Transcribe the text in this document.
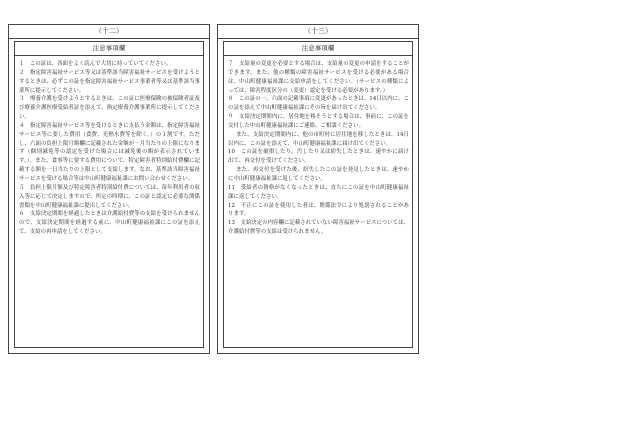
（十二）
注意事項欄

１　この証は、各面をよく読んで大切に持っていてください。

２　指定障害福祉サービス等又は基準該当障害福祉サービスを受けようとするときは、必ずこの証を指定障害福祉サービス事業者等又は基準該当事業所に提示してください。

３　療養介護を受けようとするときは、この証に医療保険の被保険者証及び療養介護医療受給者証を添えて、指定療養介護事業所に提示してください。

４　指定障害福祉サービス等を受けるときに支払う金額は、指定障害福祉サービス等に要した費用（食費、光熱水費等を除く。）の１割です。ただし、六面の負担上限月額欄に記載された金額が一月当たりの上限になります（個別減免等の認定を受けた場合には減免後の額が表示されています。）。また、食事等に要する費用について、特定障害者特別給付費欄に記載する額を一日当たりの上限として支給します。なお、基準該当障害福祉サービスを受ける場合等は中山町健康福祉課にお問い合わせください。

５　負担上限月額及び特定障害者特別給付費については、毎年利用者の収入等に応じて決定しますので、所定の時期に、この証と認定に必要な関係書類を中山町健康福祉課に提出してください。

６　支給決定期間を経過したときは介護給付費等の支給を受けられませんので、支給決定期間を経過する前に、中山町健康福祉課にこの証を添えて、支給の再申請をしてください。

（十三）
注意事項欄

７　支給量の変更を必要とする場合は、支給量の変更の申請をすることができます。また、他の種類の障害福祉サービスを受ける必要がある場合は、中山町健康福祉課に支給申請をしてください。（サービスの種類によっては、障害程度区分の（変更）認定を受ける必要があります。）

８　この証の一、六面の記載事項に変更があったときは、14日以内に、この証を添えて中山町健康福祉課にその旨を届け出てください。

９　支給決定期間内に、居住地を移そうとする場合は、事前に、この証を交付した中山町健康福祉課にご連絡、ご相談ください。

また、支給決定期間内に、他の市町村に居住地を移したときは、14日以内に、この証を添えて、中山町健康福祉課に届け出てください。

10　この証を破損したり、汚したり又は紛失したときは、速やかに届け出て、再交付を受けてください。

また、再交付を受けた後、紛失したこの証を発見したときは、速やかに中山町健康福祉課に返してください。

11　受給者の資格がなくなったときは、直ちにこの証を中山町健康福祉課に返してください。

12　不正にこの証を使用した者は、関係法令により処罰されることがあります。

13　支給決定の内容欄に記載されていない障害福祉サービスについては、介護給付費等の支給は受けられません。
